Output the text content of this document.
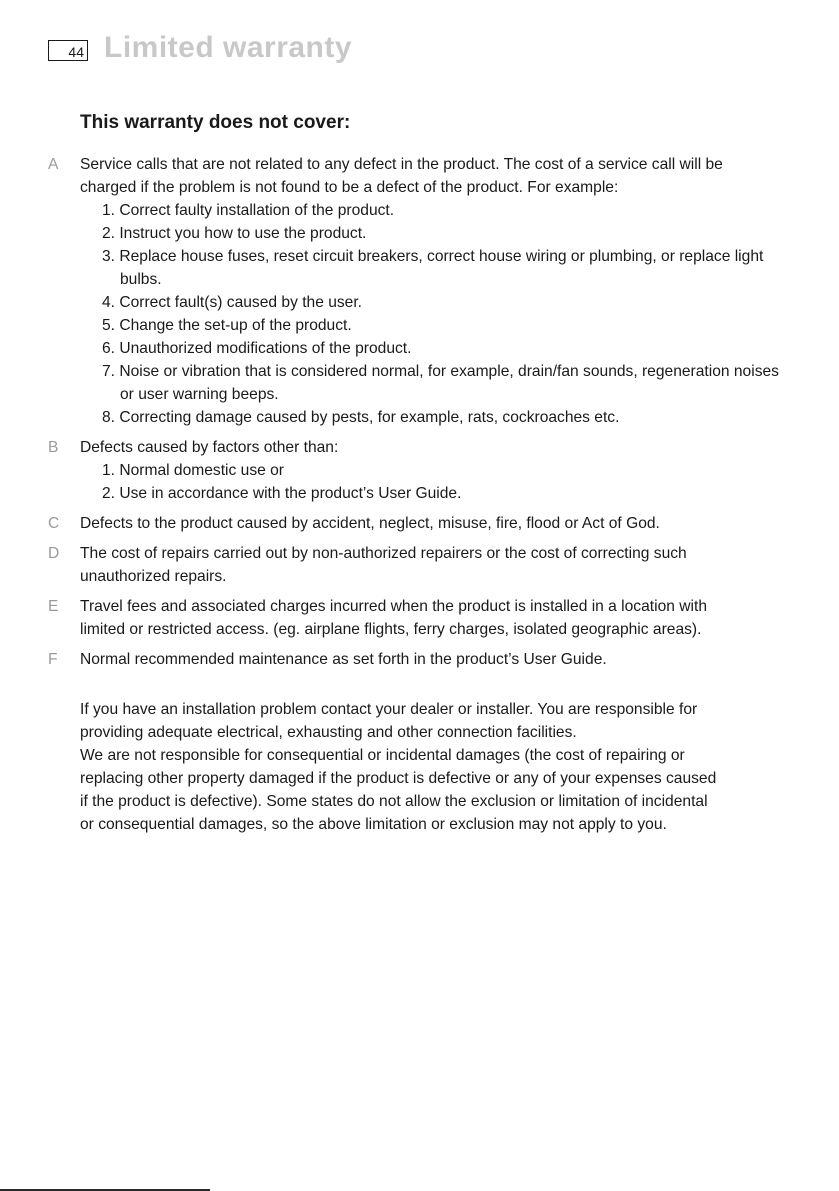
44 Limited warranty
This warranty does not cover:
A	Service calls that are not related to any defect in the product. The cost of a service call will be
charged if the problem is not found to be a defect of the product. For example:
1. Correct faulty installation of the product.
2. Instruct you how to use the product.
3. Replace house fuses, reset circuit breakers, correct house wiring or plumbing, or replace light bulbs.
4. Correct fault(s) caused by the user.
5. Change the set-up of the product.
6. Unauthorized modifications of the product.
7. Noise or vibration that is considered normal, for example, drain/fan sounds, regeneration noises or user warning beeps.
8. Correcting damage caused by pests, for example, rats, cockroaches etc.
B	Defects caused by factors other than:
1. Normal domestic use or
2. Use in accordance with the product’s User Guide.
C	Defects to the product caused by accident, neglect, misuse, fire, flood or Act of God.
D	The cost of repairs carried out by non-authorized repairers or the cost of correcting such
unauthorized repairs.
E	Travel fees and associated charges incurred when the product is installed in a location with
limited or restricted access. (eg. airplane flights, ferry charges, isolated geographic areas).
F	Normal recommended maintenance as set forth in the product’s User Guide.
If you have an installation problem contact your dealer or installer. You are responsible for
providing adequate electrical, exhausting and other connection facilities.
We are not responsible for consequential or incidental damages (the cost of repairing or
replacing other property damaged if the product is defective or any of your expenses caused
if the product is defective). Some states do not allow the exclusion or limitation of incidental
or consequential damages, so the above limitation or exclusion may not apply to you.
